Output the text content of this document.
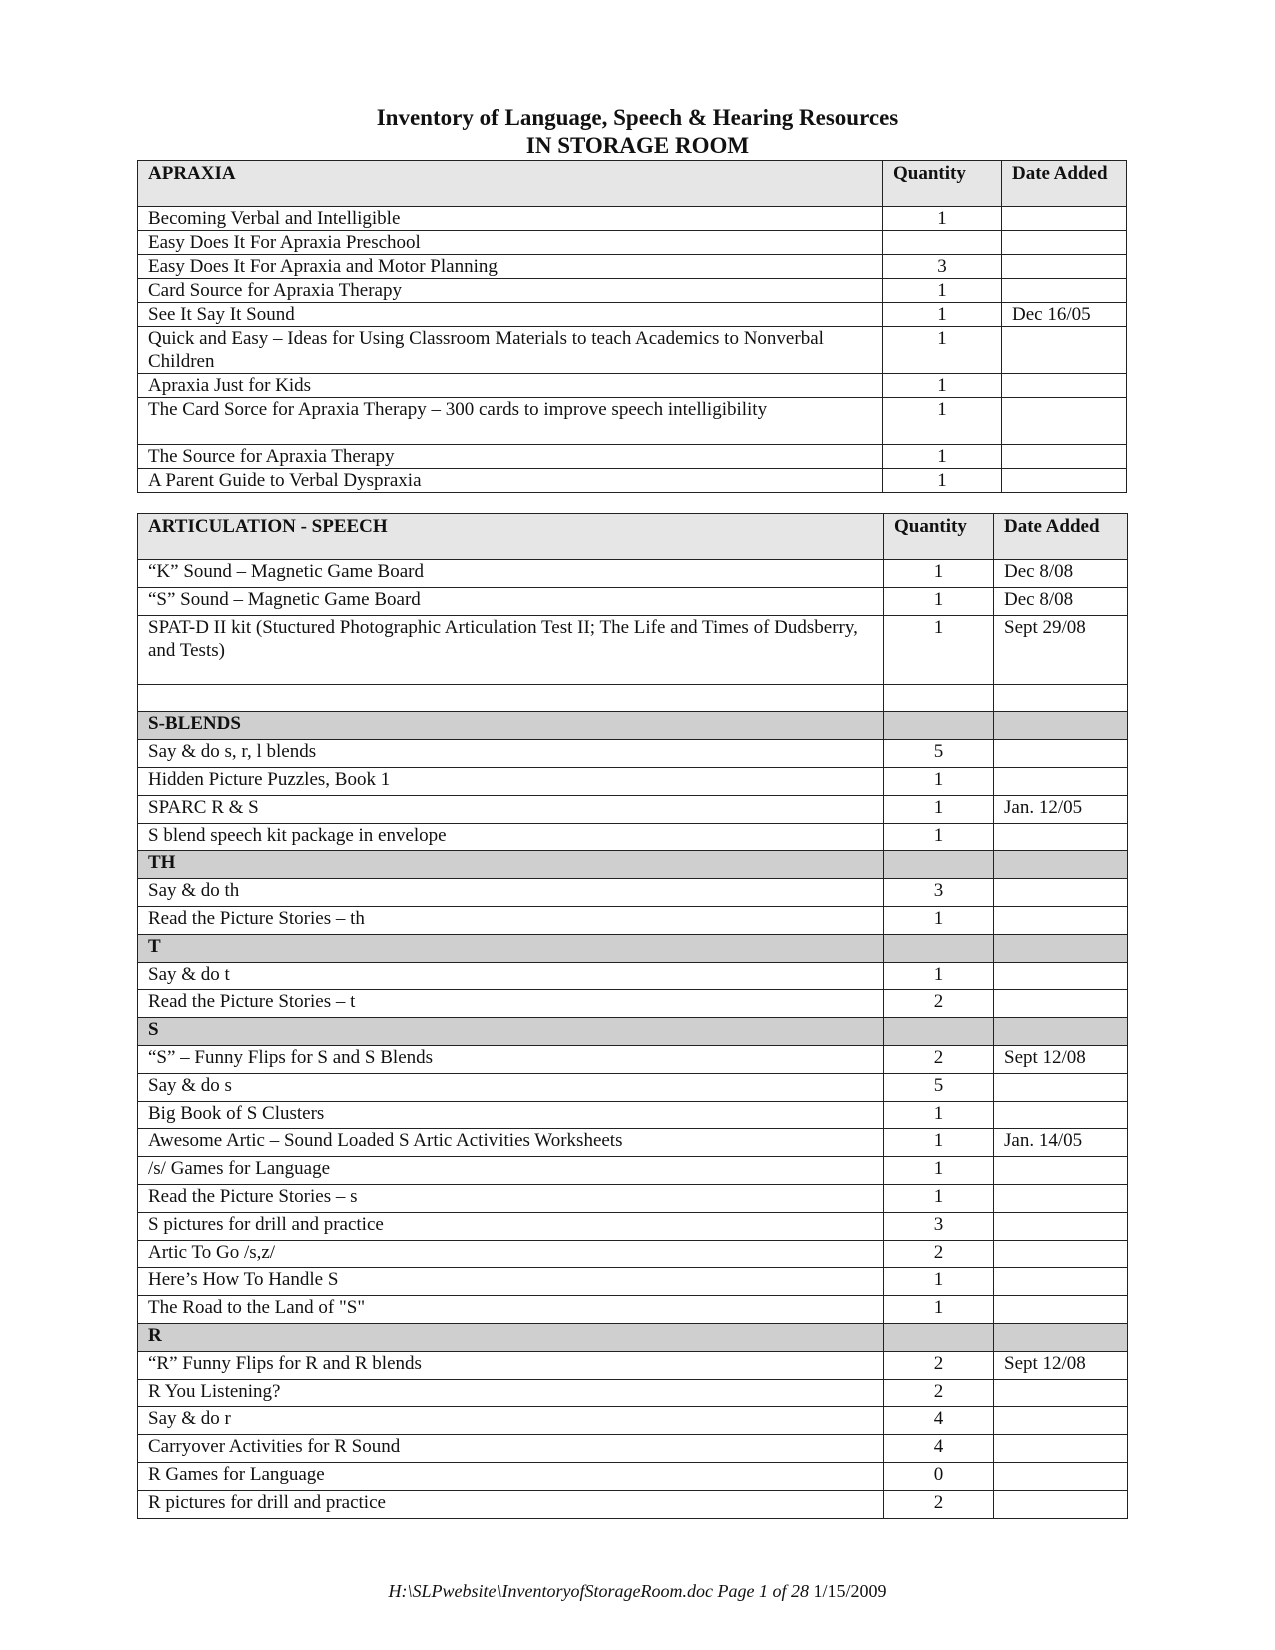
Inventory of Language, Speech & Hearing Resources
IN STORAGE ROOM
APRAXIA	Quantity	Date Added
Becoming Verbal and Intelligible	1	
Easy Does It For Apraxia Preschool		
Easy Does It For Apraxia and Motor Planning	3	
Card Source for Apraxia Therapy	1	
See It Say It Sound	1	Dec 16/05
Quick and Easy – Ideas for Using Classroom Materials to teach Academics to Nonverbal Children	1	
Apraxia Just for Kids	1	
The Card Sorce for Apraxia Therapy – 300 cards to improve speech intelligibility	1	
The Source for Apraxia Therapy	1	
A Parent Guide to Verbal Dyspraxia	1	
ARTICULATION - SPEECH	Quantity	Date Added
“K” Sound – Magnetic Game Board	1	Dec 8/08
“S” Sound – Magnetic Game Board	1	Dec 8/08
SPAT-D II kit (Stuctured Photographic Articulation Test II; The Life and Times of Dudsberry, and Tests)	1	Sept 29/08

S-BLENDS		
Say & do s, r, l blends	5	
Hidden Picture Puzzles, Book 1	1	
SPARC R & S	1	Jan. 12/05
S blend speech kit package in envelope	1	
TH		
Say & do th	3	
Read the Picture Stories – th	1	
T		
Say & do t	1	
Read the Picture Stories – t	2	
S		
“S” – Funny Flips for S and S Blends	2	Sept 12/08
Say & do s	5	
Big Book of S Clusters	1	
Awesome Artic – Sound Loaded S Artic Activities Worksheets	1	Jan. 14/05
/s/ Games for Language	1	
Read the Picture Stories – s	1	
S pictures for drill and practice	3	
Artic To Go /s,z/	2	
Here’s How To Handle S	1	
The Road to the Land of "S"	1	
R		
“R” Funny Flips for R and R blends	2	Sept 12/08
R You Listening?	2	
Say & do r	4	
Carryover Activities for R Sound	4	
R Games for Language	0	
R pictures for drill and practice	2	
H:\SLPwebsite\InventoryofStorageRoom.doc Page 1 of 28 1/15/2009
